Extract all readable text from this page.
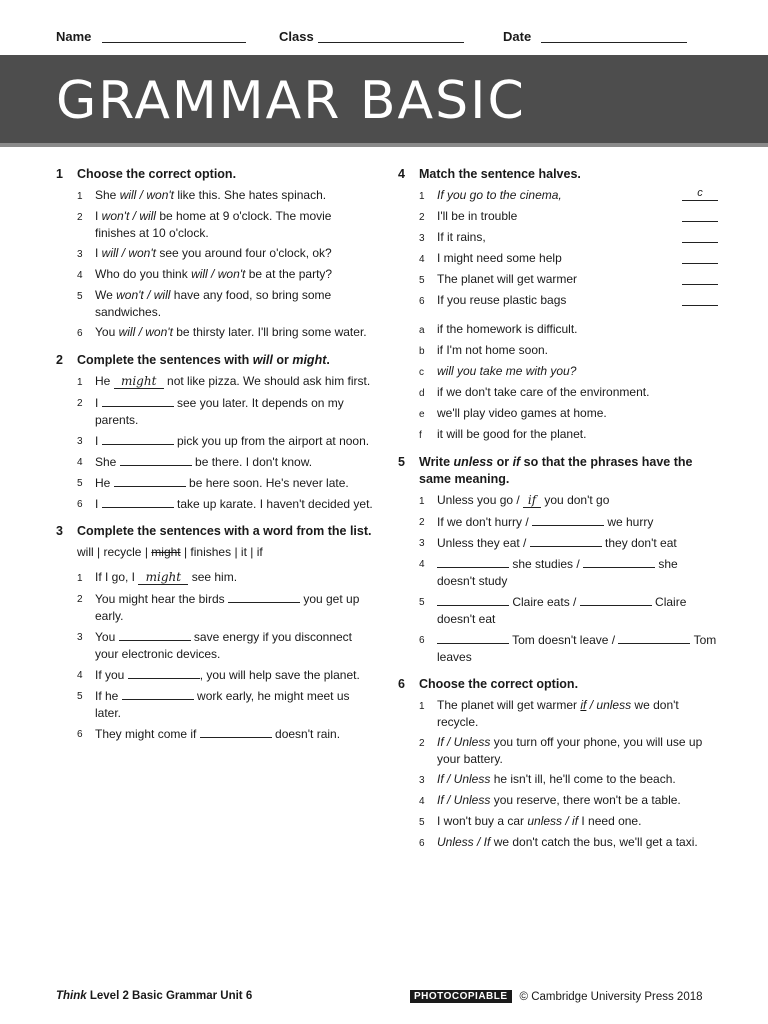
Name	Class	Date
GRAMMAR BASIC
1	Choose the correct option.
1	She will / won't like this. She hates spinach.
2	I won't / will be home at 9 o'clock. The movie finishes at 10 o'clock.
3	I will / won't see you around four o'clock, ok?
4	Who do you think will / won't be at the party?
5	We won't / will have any food, so bring some sandwiches.
6	You will / won't be thirsty later. I'll bring some water.
2	Complete the sentences with will or might.
1	He might not like pizza. We should ask him first.
2	I	see you later. It depends on my parents.
3	I	pick you up from the airport at noon.
4	She	be there. I don't know.
5	He	be here soon. He's never late.
6	I	take up karate. I haven't decided yet.
3	Complete the sentences with a word from the list.
will | recycle | might | finishes | it | if
1	If I go, I might see him.
2	You might hear the birds	you get up early.
3	You	save energy if you disconnect your electronic devices.
4	If you	, you will help save the planet.
5	If he	work early, he might meet us later.
6	They might come if	doesn't rain.
4	Match the sentence halves.
1	If you go to the cinema,	c
2	I'll be in trouble
3	If it rains,
4	I might need some help
5	The planet will get warmer
6	If you reuse plastic bags
a	if the homework is difficult.
b	if I'm not home soon.
c	will you take me with you?
d	if we don't take care of the environment.
e	we'll play video games at home.
f	it will be good for the planet.
5	Write unless or if so that the phrases have the same meaning.
1	Unless you go / if you don't go
2	If we don't hurry /	we hurry
3	Unless they eat /	they don't eat
4	she studies /	she doesn't study
5	Claire eats /	Claire doesn't eat
6	Tom doesn't leave /	Tom leaves
6	Choose the correct option.
1	The planet will get warmer if / unless we don't recycle.
2	If / Unless you turn off your phone, you will use up your battery.
3	If / Unless he isn't ill, he'll come to the beach.
4	If / Unless you reserve, there won't be a table.
5	I won't buy a car unless / if I need one.
6	Unless / If we don't catch the bus, we'll get a taxi.
Think Level 2 Basic Grammar Unit 6	PHOTOCOPIABLE	© Cambridge University Press 2018
